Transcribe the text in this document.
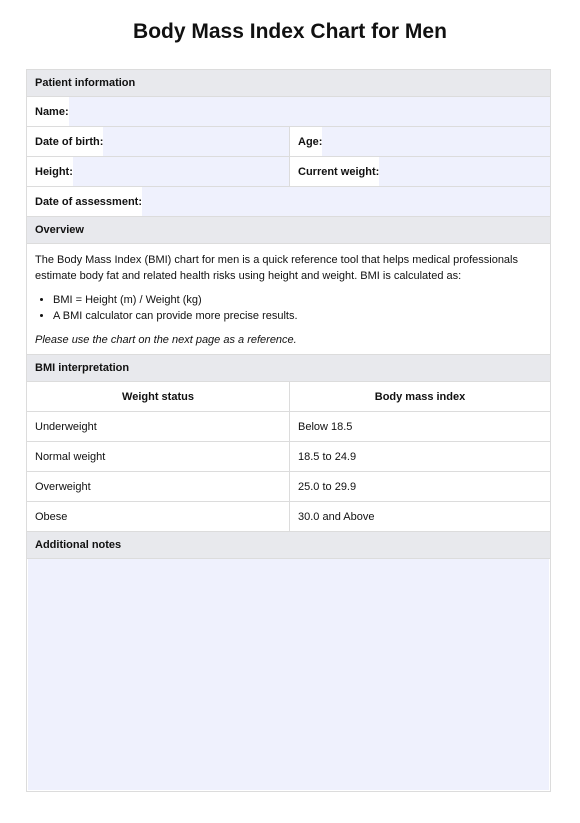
Body Mass Index Chart for Men
Patient information
Name:
Date of birth:	Age:
Height:	Current weight:
Date of assessment:
Overview

The Body Mass Index (BMI) chart for men is a quick reference tool that helps medical professionals estimate body fat and related health risks using height and weight. BMI is calculated as:

• BMI = Height (m) / Weight (kg)
• A BMI calculator can provide more precise results.

Please use the chart on the next page as a reference.

BMI interpretation
Weight status	Body mass index
Underweight	Below 18.5
Normal weight	18.5 to 24.9
Overweight	25.0 to 29.9
Obese	30.0 and Above
Additional notes
